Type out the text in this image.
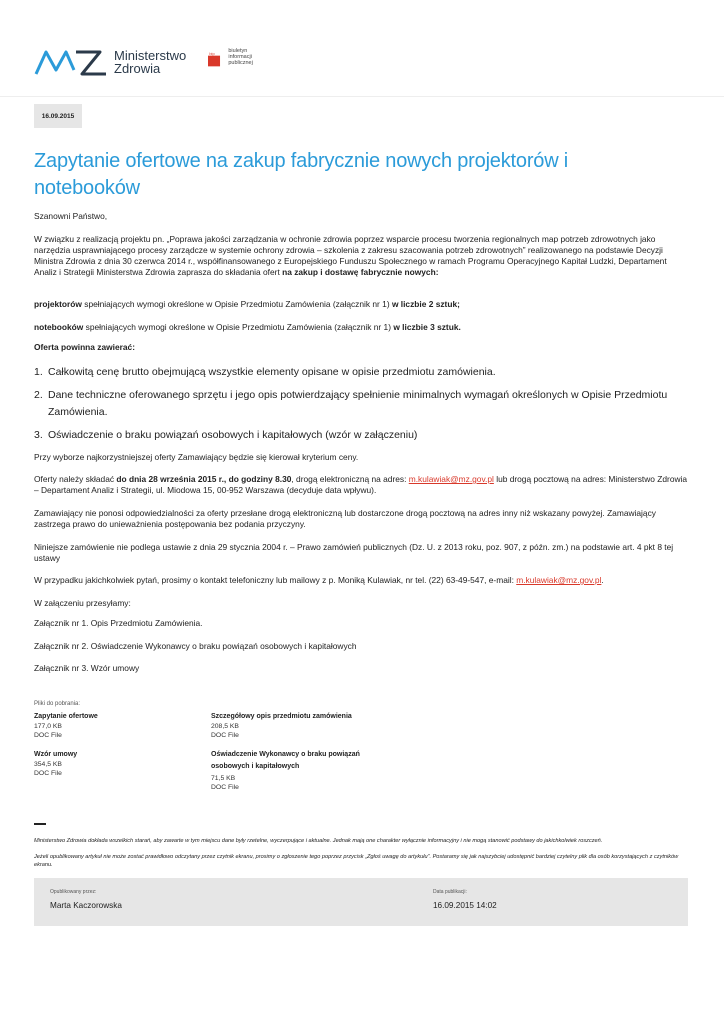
Ministerstwo
Zdrowia
bip biuletyn
informacji publicznej
16.09.2015
Zapytanie ofertowe na zakup fabrycznie nowych projektorów i notebooków
Szanowni Państwo,
W związku z realizacją projektu pn. „Poprawa jakości zarządzania w ochronie zdrowia poprzez wsparcie procesu tworzenia regionalnych map potrzeb zdrowotnych jako narzędzia usprawniającego procesy zarządcze w systemie ochrony zdrowia – szkolenia z zakresu szacowania potrzeb zdrowotnych” realizowanego na podstawie Decyzji Ministra Zdrowia z dnia 30 czerwca 2014 r., współfinansowanego z Europejskiego Funduszu Społecznego w ramach Programu Operacyjnego Kapitał Ludzki, Departament Analiz i Strategii Ministerstwa Zdrowia zaprasza do składania ofert na zakup i dostawę fabrycznie nowych:
projektorów spełniających wymogi określone w Opisie Przedmiotu Zamówienia (załącznik nr 1) w liczbie 2 sztuk;
notebooków spełniających wymogi określone w Opisie Przedmiotu Zamówienia (załącznik nr 1) w liczbie 3 sztuk.
Oferta powinna zawierać:
1. Całkowitą cenę brutto obejmującą wszystkie elementy opisane w opisie przedmiotu zamówienia.
2. Dane techniczne oferowanego sprzętu i jego opis potwierdzający spełnienie minimalnych wymagań określonych w Opisie Przedmiotu Zamówienia.
3. Oświadczenie o braku powiązań osobowych i kapitałowych (wzór w załączeniu)
Przy wyborze najkorzystniejszej oferty Zamawiający będzie się kierował kryterium ceny.
Oferty należy składać do dnia 28 września 2015 r., do godziny 8.30, drogą elektroniczną na adres: m.kulawiak@mz.gov.pl lub drogą pocztową na adres: Ministerstwo Zdrowia – Departament Analiz i Strategii, ul. Miodowa 15, 00-952 Warszawa (decyduje data wpływu).
Zamawiający nie ponosi odpowiedzialności za oferty przesłane drogą elektroniczną lub dostarczone drogą pocztową na adres inny niż wskazany powyżej. Zamawiający zastrzega prawo do unieważnienia postępowania bez podania przyczyny.
Niniejsze zamówienie nie podlega ustawie z dnia 29 stycznia 2004 r. – Prawo zamówień publicznych (Dz. U. z 2013 roku, poz. 907, z późn. zm.) na podstawie art. 4 pkt 8 tej ustawy
W przypadku jakichkolwiek pytań, prosimy o kontakt telefoniczny lub mailowy z p. Moniką Kulawiak, nr tel. (22) 63-49-547, e-mail: m.kulawiak@mz.gov.pl.
W załączeniu przesyłamy:
Załącznik nr 1. Opis Przedmiotu Zamówienia.
Załącznik nr 2. Oświadczenie Wykonawcy o braku powiązań osobowych i kapitałowych
Załącznik nr 3. Wzór umowy
Pliki do pobrania:
Zapytanie ofertowe
177,0 KB
DOC File
Szczegółowy opis przedmiotu zamówienia
208,5 KB
DOC File
Wzór umowy
354,5 KB
DOC File
Oświadczenie Wykonawcy o braku powiązań
osobowych i kapitałowych
71,5 KB
DOC File
Ministerstwo Zdrowia dokłada wszelkich starań, aby zawarte w tym miejscu dane były rzetelne, wyczerpujące i aktualne. Jednak mają one charakter wyłącznie informacyjny i nie mogą stanowić podstawy do jakichkolwiek roszczeń.
Jeżeli opublikowany artykuł nie może zostać prawidłowo odczytany przez czytnik ekranu, prosimy o zgłoszenie tego poprzez przycisk „Zgłoś uwagę do artykułu”. Postaramy się jak najszybciej udostępnić bardziej czytelny plik dla osób korzystających z czytników ekranu.
Opublikowany przez:
Marta Kaczorowska
Data publikacji:
16.09.2015 14:02
